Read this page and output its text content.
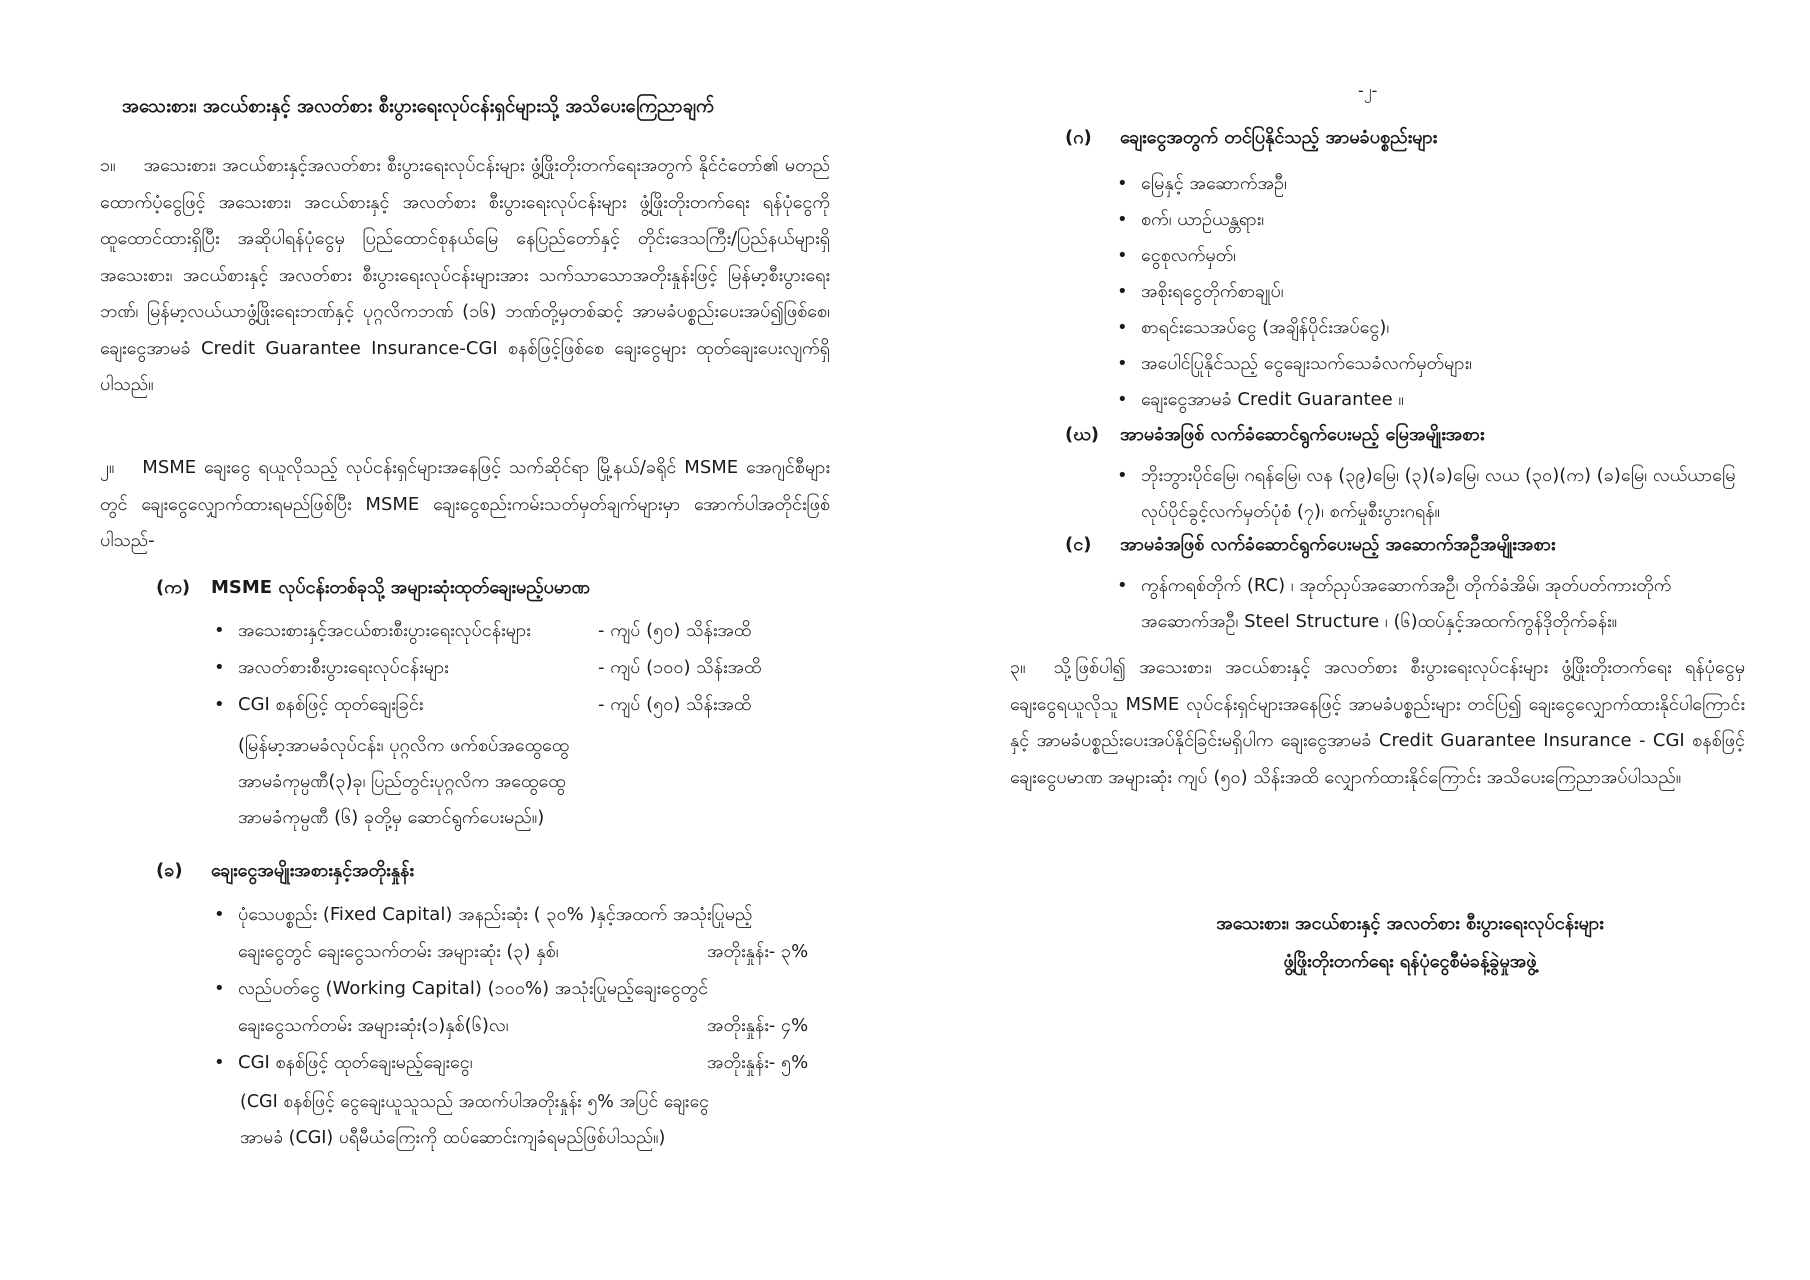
အသေးစား၊ အငယ်စားနှင့် အလတ်စား စီးပွားရေးလုပ်ငန်းရှင်များသို့ အသိပေးကြေညာချက်
၁။ အသေးစား၊ အငယ်စားနှင့်အလတ်စား စီးပွားရေးလုပ်ငန်းများ ဖွံ့ဖြိုးတိုးတက်ရေးအတွက် နိုင်ငံတော်၏ မတည်ထောက်ပံ့ငွေဖြင့် အသေးစား၊ အငယ်စားနှင့် အလတ်စား စီးပွားရေးလုပ်ငန်းများ ဖွံ့ဖြိုးတိုးတက်ရေး ရန်ပုံငွေကို ထူထောင်ထားရှိပြီး အဆိုပါရန်ပုံငွေမှ ပြည်ထောင်စုနယ်မြေ နေပြည်တော်နှင့် တိုင်းဒေသကြီး/ပြည်နယ်များရှိ အသေးစား၊ အငယ်စားနှင့် အလတ်စား စီးပွားရေးလုပ်ငန်းများအား သက်သာသောအတိုးနှုန်းဖြင့် မြန်မာ့စီးပွားရေးဘဏ်၊ မြန်မာ့လယ်ယာဖွံ့ဖြိုးရေးဘဏ်နှင့် ပုဂ္ဂလိကဘဏ် (၁၆) ဘဏ်တို့မှတစ်ဆင့် အာမခံပစ္စည်းပေးအပ်၍ဖြစ်စေ၊ ချေးငွေအာမခံ Credit Guarantee Insurance-CGI စနစ်ဖြင့်ဖြစ်စေ ချေးငွေများ ထုတ်ချေးပေးလျက်ရှိပါသည်။
၂။ MSME ချေးငွေ ရယူလိုသည့် လုပ်ငန်းရှင်များအနေဖြင့် သက်ဆိုင်ရာ မြို့နယ်/ခရိုင် MSME အေဂျင်စီများတွင် ချေးငွေလျှောက်ထားရမည်ဖြစ်ပြီး MSME ချေးငွေစည်းကမ်းသတ်မှတ်ချက်များမှာ အောက်ပါအတိုင်းဖြစ်ပါသည်-
(က) MSME လုပ်ငန်းတစ်ခုသို့ အများဆုံးထုတ်ချေးမည့်ပမာဏ
• အသေးစားနှင့်အငယ်စားစီးပွားရေးလုပ်ငန်းများ	- ကျပ် (၅၀) သိန်းအထိ
• အလတ်စားစီးပွားရေးလုပ်ငန်းများ	- ကျပ် (၁၀၀) သိန်းအထိ
• CGI စနစ်ဖြင့် ထုတ်ချေးခြင်း	- ကျပ် (၅၀) သိန်းအထိ
(မြန်မာ့အာမခံလုပ်ငန်း၊ ပုဂ္ဂလိက ဖက်စပ်အထွေထွေ
အာမခံကုမ္ပဏီ(၃)ခု၊ ပြည်တွင်းပုဂ္ဂလိက အထွေထွေ
အာမခံကုမ္ပဏီ (၆) ခုတို့မှ ဆောင်ရွက်ပေးမည်။)
(ခ) ချေးငွေအမျိုးအစားနှင့်အတိုးနှုန်း
• ပုံသေပစ္စည်း (Fixed Capital) အနည်းဆုံး ( ၃၀% )နှင့်အထက် အသုံးပြုမည့်
ချေးငွေတွင် ချေးငွေသက်တမ်း အများဆုံး (၃) နှစ်၊	အတိုးနှုန်း- ၃%
• လည်ပတ်ငွေ (Working Capital) (၁၀၀%) အသုံးပြုမည့်ချေးငွေတွင်
ချေးငွေသက်တမ်း အများဆုံး(၁)နှစ်(၆)လ၊	အတိုးနှုန်း- ၄%
• CGI စနစ်ဖြင့် ထုတ်ချေးမည့်ချေးငွေ၊	အတိုးနှုန်း- ၅%
(CGI စနစ်ဖြင့် ငွေချေးယူသူသည် အထက်ပါအတိုးနှုန်း ၅% အပြင် ချေးငွေ
အာမခံ (CGI) ပရီမီယံကြေးကို ထပ်ဆောင်းကျခံရမည်ဖြစ်ပါသည်။)
-၂-
(ဂ) ချေးငွေအတွက် တင်ပြနိုင်သည့် အာမခံပစ္စည်းများ
• မြေနှင့် အဆောက်အဦ၊
• စက်၊ ယာဉ်ယန္တရား၊
• ငွေစုလက်မှတ်၊
• အစိုးရငွေတိုက်စာချုပ်၊
• စာရင်းသေအပ်ငွေ (အချိန်ပိုင်းအပ်ငွေ)၊
• အပေါင်ပြုနိုင်သည့် ငွေချေးသက်သေခံလက်မှတ်များ၊
• ချေးငွေအာမခံ Credit Guarantee ။
(ဃ) အာမခံအဖြစ် လက်ခံဆောင်ရွက်ပေးမည့် မြေအမျိုးအစား
• ဘိုးဘွားပိုင်မြေ၊ ဂရန်မြေ၊ လန (၃၉)မြေ၊ (၃)(ခ)မြေ၊ လယ (၃၀)(က) (ခ)မြေ၊ လယ်ယာမြေလုပ်ပိုင်ခွင့်လက်မှတ်ပုံစံ (၇)၊ စက်မှုစီးပွားဂရန်။
(င) အာမခံအဖြစ် လက်ခံဆောင်ရွက်ပေးမည့် အဆောက်အဦအမျိုးအစား
• ကွန်ကရစ်တိုက် (RC) ၊ အုတ်ညှပ်အဆောက်အဦ၊ တိုက်ခံအိမ်၊ အုတ်ပတ်ကားတိုက် အဆောက်အဦ၊ Steel Structure ၊ (၆)ထပ်နှင့်အထက်ကွန်ဒိုတိုက်ခန်း။
၃။ သို့ဖြစ်ပါ၍ အသေးစား၊ အငယ်စားနှင့် အလတ်စား စီးပွားရေးလုပ်ငန်းများ ဖွံ့ဖြိုးတိုးတက်ရေး ရန်ပုံငွေမှ ချေးငွေရယူလိုသူ MSME လုပ်ငန်းရှင်များအနေဖြင့် အာမခံပစ္စည်းများ တင်ပြ၍ ချေးငွေလျှောက်ထားနိုင်ပါကြောင်းနှင့် အာမခံပစ္စည်းပေးအပ်နိုင်ခြင်းမရှိပါက ချေးငွေအာမခံ Credit Guarantee Insurance - CGI စနစ်ဖြင့် ချေးငွေပမာဏ အများဆုံး ကျပ် (၅၀) သိန်းအထိ လျှောက်ထားနိုင်ကြောင်း အသိပေးကြေညာအပ်ပါသည်။
အသေးစား၊ အငယ်စားနှင့် အလတ်စား စီးပွားရေးလုပ်ငန်းများ
ဖွံ့ဖြိုးတိုးတက်ရေး ရန်ပုံငွေစီမံခန့်ခွဲမှုအဖွဲ့
